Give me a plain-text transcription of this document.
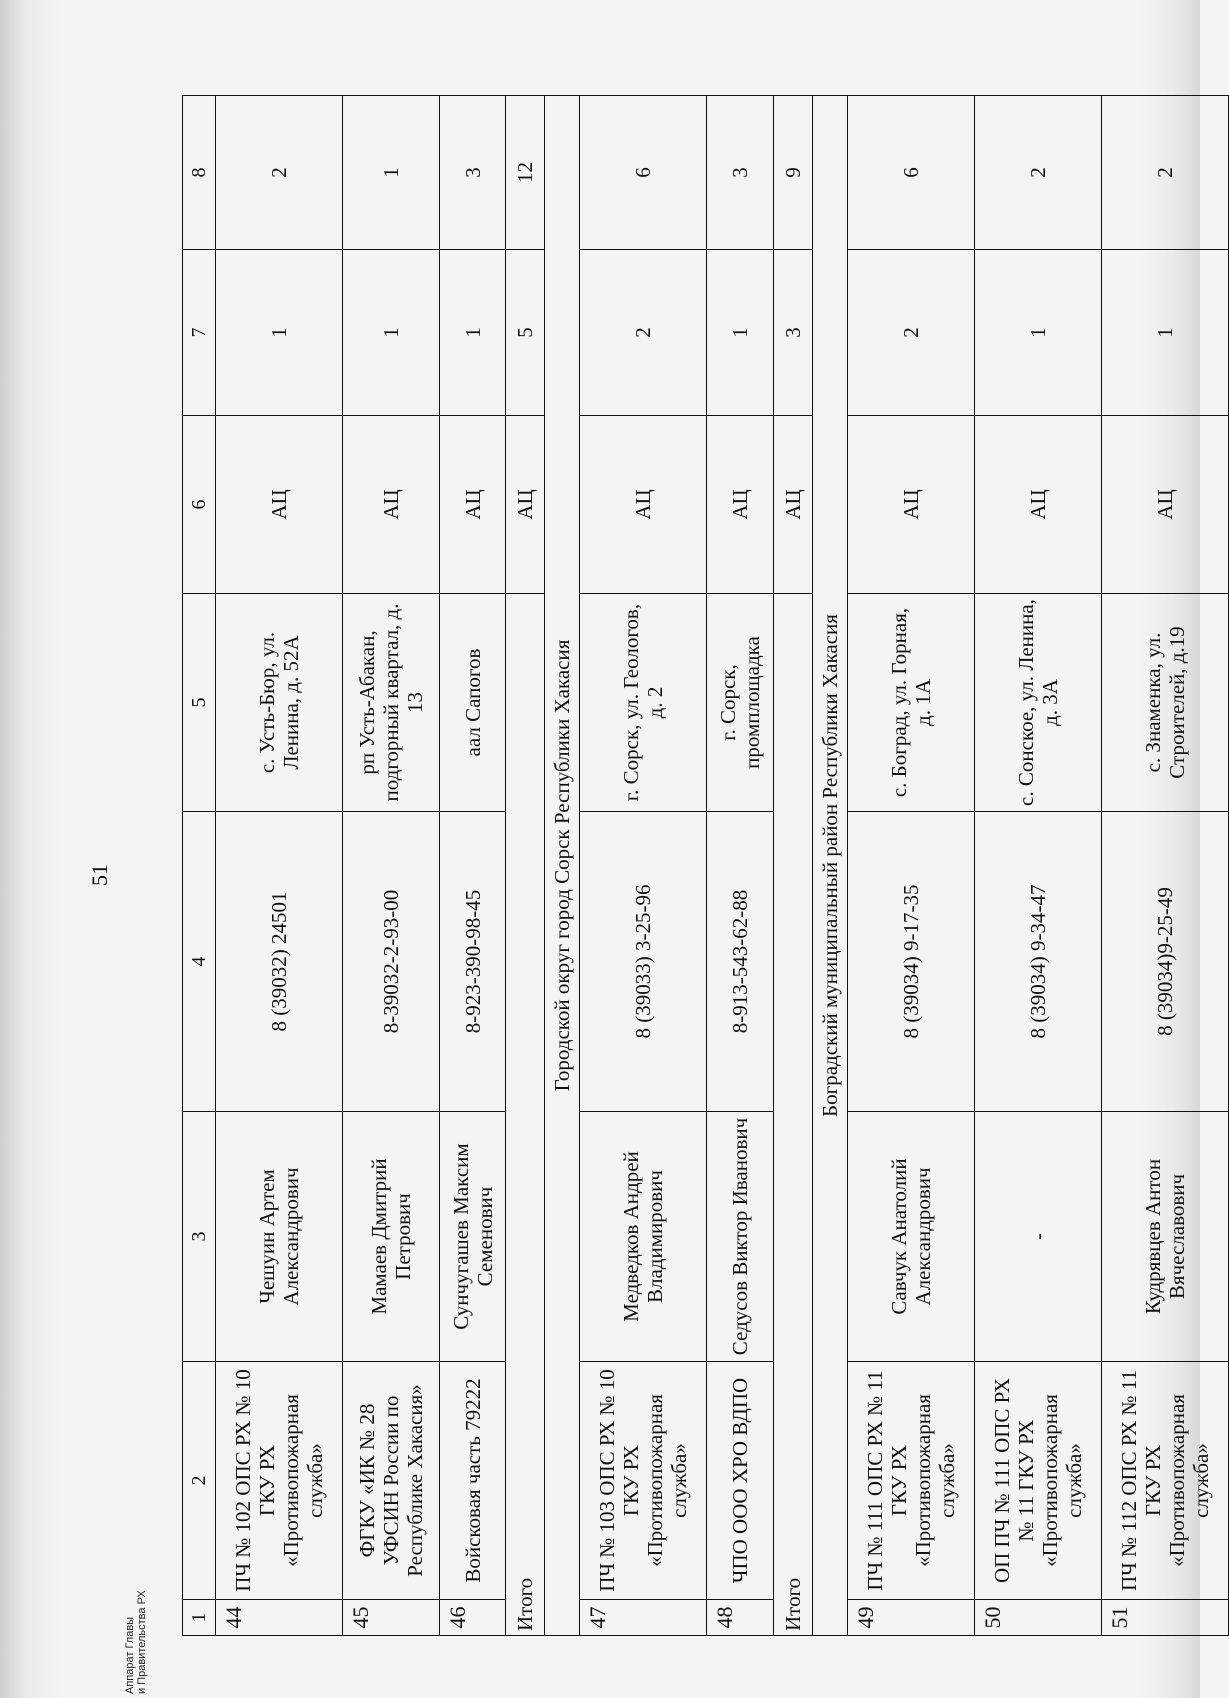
51
1	2	3	4	5	6	7	8
44	ПЧ № 102 ОПС РХ № 10 ГКУ РХ «Противопожарная служба»	Чешуин Артем Александрович	8 (39032) 24501	с. Усть-Бюр, ул. Ленина, д. 52А	АЦ	1	2
45	ФГКУ «ИК № 28 УФСИН России по Республике Хакасия»	Мамаев Дмитрий Петрович	8-39032-2-93-00	рп Усть-Абакан, подгорный квартал, д. 13	АЦ	1	1
46	Войсковая часть 79222	Сунчугашев Максим Семенович	8-923-390-98-45	аал Сапогов	АЦ	1	3
Итого					АЦ	5	12
Городской округ город Сорск Республики Хакасия							
47	ПЧ № 103 ОПС РХ № 10 ГКУ РХ «Противопожарная служба»	Медведков Андрей Владимирович	8 (39033) 3-25-96	г. Сорск, ул. Геологов, д. 2	АЦ	2	6
48	ЧПО ООО ХРО ВДПО	Седусов Виктор Иванович	8-913-543-62-88	г. Сорск, промплощадка	АЦ	1	3
Итого					АЦ	3	9
Боградский муниципальный район Республики Хакасия							
49	ПЧ № 111 ОПС РХ № 11 ГКУ РХ «Противопожарная служба»	Савчук Анатолий Александрович	8 (39034) 9-17-35	с. Боград, ул. Горная, д. 1А	АЦ	2	6
50	ОП ПЧ № 111 ОПС РХ № 11 ГКУ РХ «Противопожарная служба»	-	8 (39034) 9-34-47	с. Сонское, ул. Ленина, д. 3А	АЦ	1	2
51	ПЧ № 112 ОПС РХ № 11 ГКУ РХ «Противопожарная служба»	Кудрявцев Антон Вячеславович	8 (39034)9-25-49	с. Знаменка, ул. Строителей, д.19	АЦ	1	2
Аппарат Главы
и Правительства РХ
